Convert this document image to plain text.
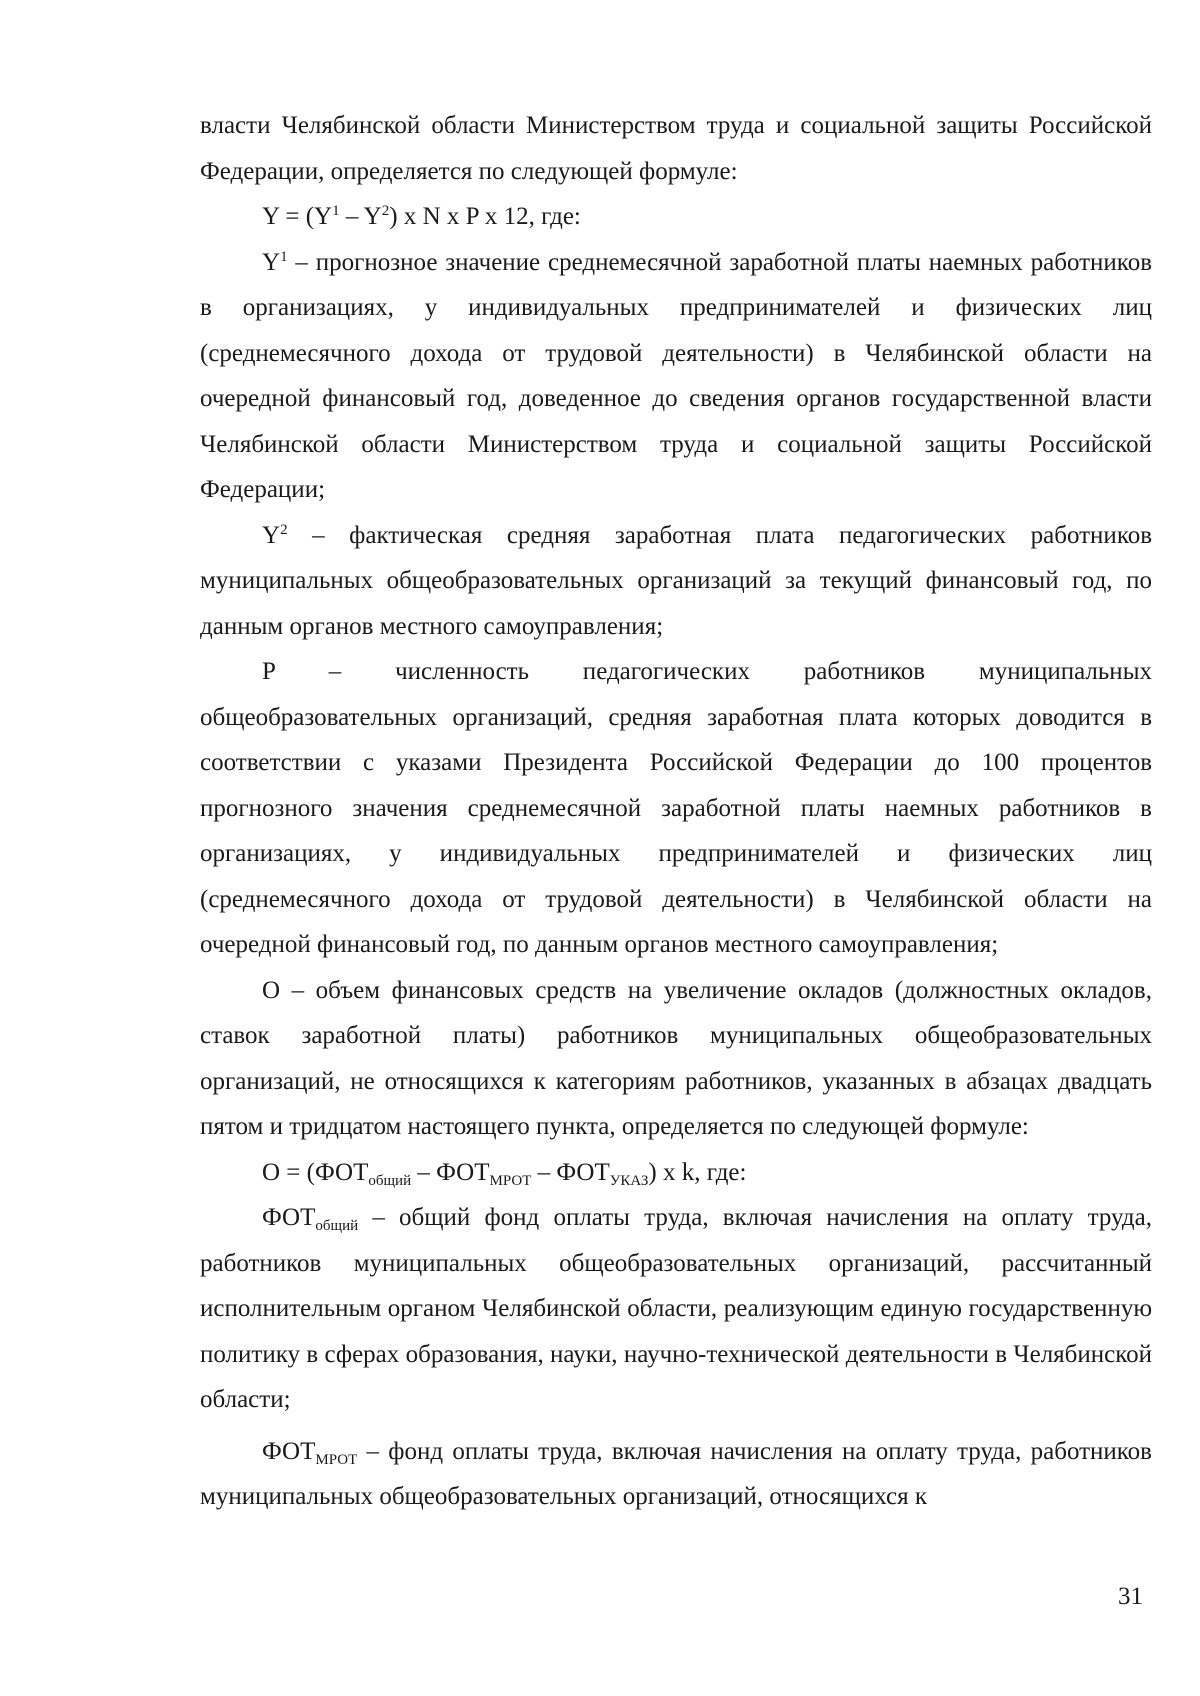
власти Челябинской области Министерством труда и социальной защиты Российской Федерации, определяется по следующей формуле:

$Y = (Y^1 - Y^2)$ x N x P x 12, где:

$Y^1$ – прогнозное значение среднемесячной заработной платы наемных работников в организациях, у индивидуальных предпринимателей и физических лиц (среднемесячного дохода от трудовой деятельности) в Челябинской области на очередной финансовый год, доведенное до сведения органов государственной власти Челябинской области Министерством труда и социальной защиты Российской Федерации;

$Y^2$ – фактическая средняя заработная плата педагогических работников муниципальных общеобразовательных организаций за текущий финансовый год, по данным органов местного самоуправления;

P – численность педагогических работников муниципальных общеобразовательных организаций, средняя заработная плата которых доводится в соответствии с указами Президента Российской Федерации до 100 процентов прогнозного значения среднемесячной заработной платы наемных работников в организациях, у индивидуальных предпринимателей и физических лиц (среднемесячного дохода от трудовой деятельности) в Челябинской области на очередной финансовый год, по данным органов местного самоуправления;

O – объем финансовых средств на увеличение окладов (должностных окладов, ставок заработной платы) работников муниципальных общеобразовательных организаций, не относящихся к категориям работников, указанных в абзацах двадцать пятом и тридцатом настоящего пункта, определяется по следующей формуле:

$O = (ФОТ_{общий} - ФОТ_{МРОТ} - ФОТ_{УКАЗ})$ x k, где:

$ФОТ_{общий}$ – общий фонд оплаты труда, включая начисления на оплату труда, работников муниципальных общеобразовательных организаций, рассчитанный исполнительным органом Челябинской области, реализующим единую государственную политику в сферах образования, науки, научно-технической деятельности в Челябинской области;

$ФОТ_{МРОТ}$ – фонд оплаты труда, включая начисления на оплату труда, работников муниципальных общеобразовательных организаций, относящихся к

31
